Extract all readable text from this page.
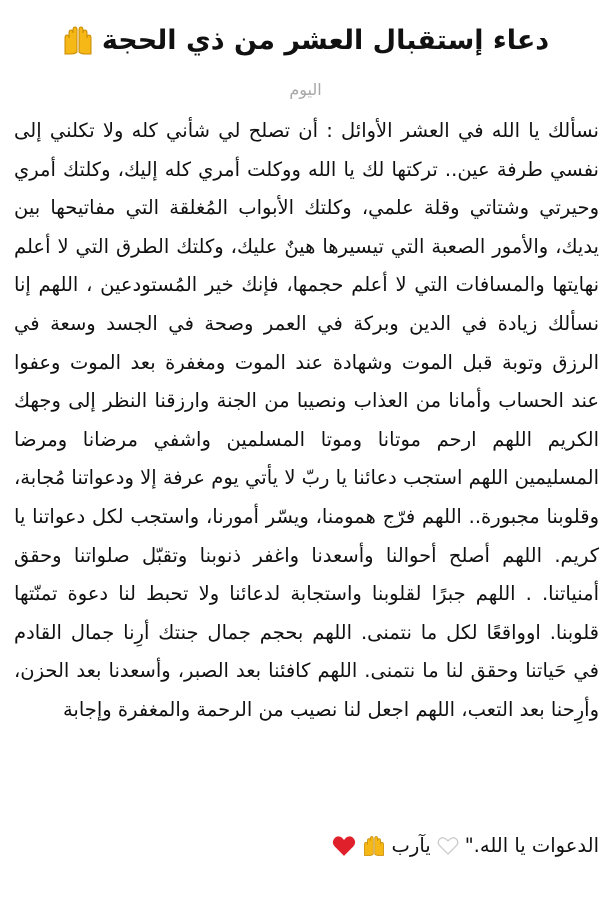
دعاء إستقبال العشر من ذي الحجة
اليوم

نسألك يا الله في العشر الأوائل : أن تصلح لي شأني كله ولا تكلني إلى نفسي طرفة عين.. تركتها لك يا الله ووكلت أمري كله إليك، وكلتك أمري وحيرتي وشتاتي وقلة علمي، وكلتك الأبواب المُغلقة التي مفاتيحها بين يديك، والأمور الصعبة التي تيسيرها هينٌ عليك، وكلتك الطرق التي لا أعلم نهايتها والمسافات التي لا أعلم حجمها، فإنك خير المُستودعين ، اللهم إنا نسألك زيادة في الدين وبركة في العمر وصحة في الجسد وسعة في الرزق وتوبة قبل الموت وشهادة عند الموت ومغفرة بعد الموت وعفوا عند الحساب وأمانا من العذاب ونصيبا من الجنة وارزقنا النظر إلى وجهك الكريم اللهم ارحم موتانا وموتا المسلمين واشفي مرضانا ومرضا المسليمين اللهم استجب دعائنا يا ربّ لا يأتي يوم عرفة إلا ودعواتنا مُجابة، وقلوبنا مجبورة.. اللهم فرّج همومنا، ويسّر أمورنا، واستجب لكل دعواتنا يا كريم. اللهم أصلح أحوالنا وأسعدنا واغفر ذنوبنا وتقبّل صلواتنا وحقق أمنياتنا. . اللهم جبرًا لقلوبنا واستجابة لدعائنا ولا تحبط لنا دعوة تمنّتها قلوبنا. اوواقعًا لكل ما نتمنى. اللهم بحجم جمال جنتك أرِنا جمال القادم في حَياتنا وحقق لنا ما نتمنى. اللهم كافئنا بعد الصبر، وأسعدنا بعد الحزن، وأرِحنا بعد التعب، اللهم اجعل لنا نصيب من الرحمة والمغفرة وإجابة

الدعوات يا الله."
يآرب
